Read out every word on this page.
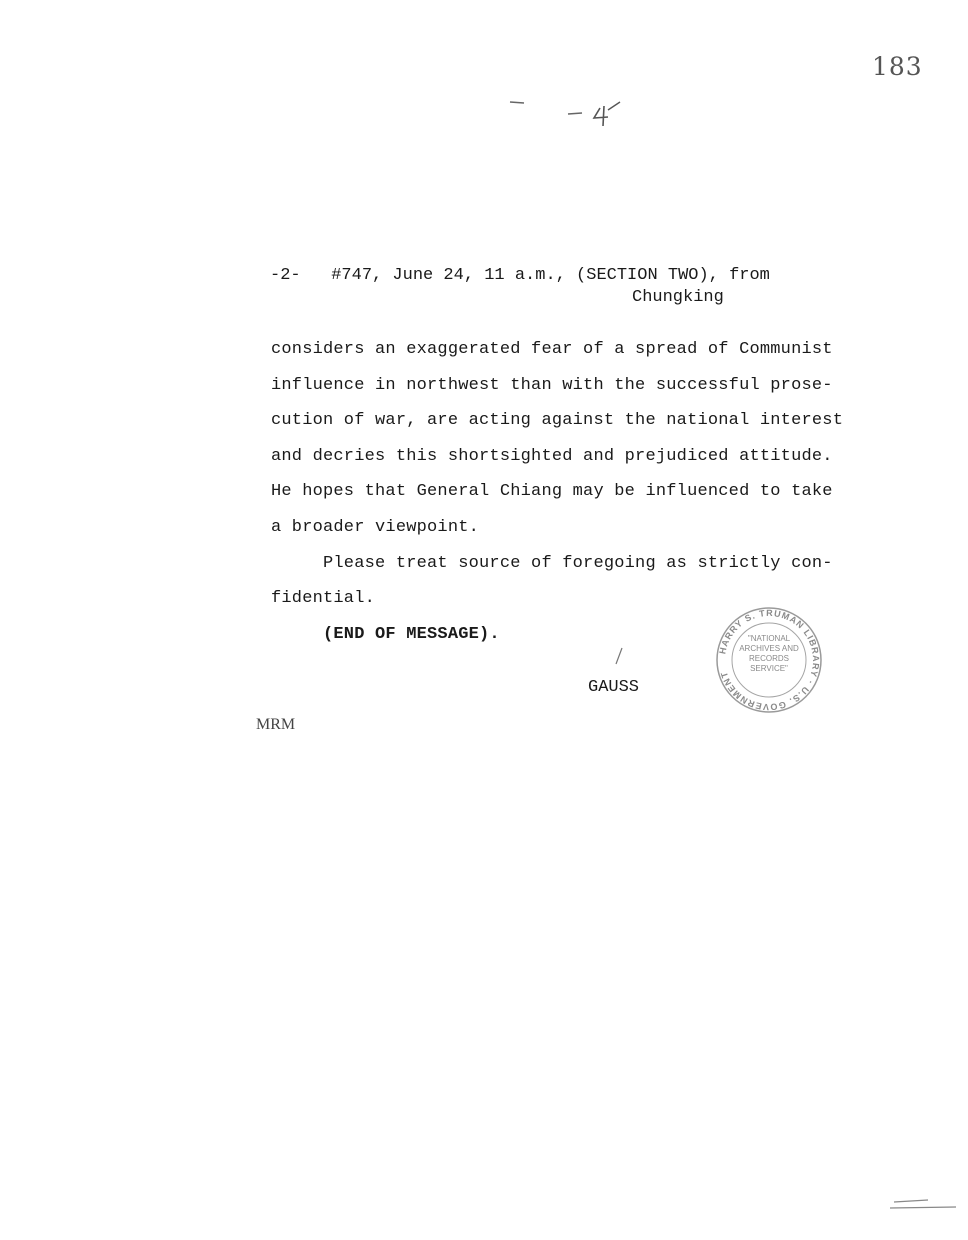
183
-2-   #747, June 24, 11 a.m., (SECTION TWO), from
Chungking
considers an exaggerated fear of a spread of Communist
influence in northwest than with the successful prose-
cution of war, are acting against the national interest
and decries this shortsighted and prejudiced attitude.
He hopes that General Chiang may be influenced to take
a broader viewpoint.
Please treat source of foregoing as strictly con-
fidential.
(END OF MESSAGE).
GAUSS
MRM
HARRY S. TRUMAN LIBRARY · U.S. GOVERNMENT
"NATIONAL
ARCHIVES AND
RECORDS
SERVICE"
